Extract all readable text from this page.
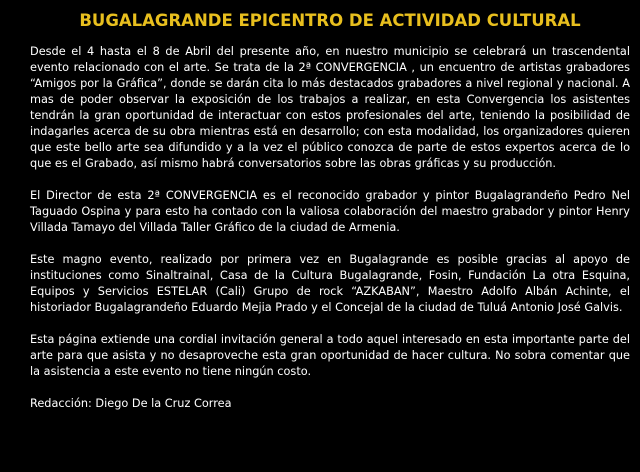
BUGALAGRANDE EPICENTRO DE ACTIVIDAD CULTURAL

Desde el 4 hasta el 8 de Abril del presente año, en nuestro municipio se celebrará un trascendental evento relacionado con el arte. Se trata de la 2ª CONVERGENCIA , un encuentro de artistas grabadores “Amigos por la Gráfica”, donde se darán cita lo más destacados grabadores a nivel regional y nacional. A mas de poder observar la exposición de los trabajos a realizar, en esta Convergencia los asistentes tendrán la gran oportunidad de interactuar con estos profesionales del arte, teniendo la posibilidad de indagarles acerca de su obra mientras está en desarrollo; con esta modalidad, los organizadores quieren que este bello arte sea difundido y a la vez el público conozca de parte de estos expertos acerca de lo que es el Grabado, así mismo habrá conversatorios sobre las obras gráficas y su producción.

El Director de esta 2ª CONVERGENCIA es el reconocido grabador y pintor Bugalagrandeño Pedro Nel Taguado Ospina y para esto ha contado con la valiosa colaboración del maestro grabador y pintor Henry Villada Tamayo del Villada Taller Gráfico de la ciudad de Armenia.

Este magno evento, realizado por primera vez en Bugalagrande es posible gracias al apoyo de instituciones como Sinaltrainal, Casa de la Cultura Bugalagrande, Fosin, Fundación La otra Esquina, Equipos y Servicios ESTELAR (Cali) Grupo de rock “AZKABAN”, Maestro Adolfo Albán Achinte, el historiador Bugalagrandeño Eduardo Mejia Prado y el Concejal de la ciudad de Tuluá Antonio José Galvis.

Esta página extiende una cordial invitación general a todo aquel interesado en esta importante parte del arte para que asista y no desaproveche esta gran oportunidad de hacer cultura. No sobra comentar que la asistencia a este evento no tiene ningún costo.

Redacción: Diego De la Cruz Correa
